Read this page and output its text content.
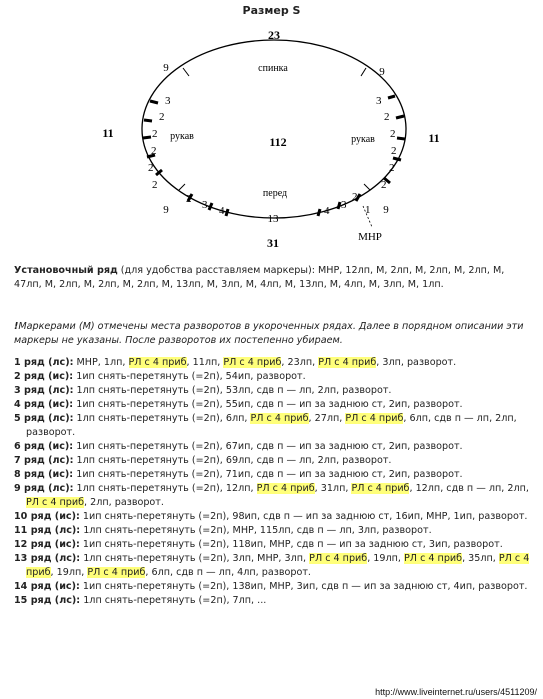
Размер S
23
11	11
31
112
спинка
перед
рукав	рукав
13
9	9
9	9
3
2
2
2
2
2
3
2
2
2
2
2
2 3 4	4 3
2
1
МНР

Установочный ряд (для удобства расставляем маркеры): МНР, 12лп, М, 2лп, М, 2лп, М, 2лп, М, 47лп, М, 2лп, М, 2лп, М, 2лп, М, 13лп, М, 3лп, М, 4лп, М, 13лп, М, 4лп, М, 3лп, М, 1лп.

!Маркерами (М) отмечены места разворотов в укороченных рядах. Далее в порядном описании эти маркеры не указаны. После разворотов их постепенно убираем.

1 ряд (лс): МНР, 1лп, РЛ с 4 приб, 11лп, РЛ с 4 приб, 23лп, РЛ с 4 приб, 3лп, разворот.

2 ряд (ис): 1ип снять-перетянуть (=2п), 54ип, разворот.

3 ряд (лс): 1лп снять-перетянуть (=2п), 53лп, сдв п — лп, 2лп, разворот.

4 ряд (ис): 1ип снять-перетянуть (=2п), 55ип, сдв п — ип за заднюю ст, 2ип, разворот.

5 ряд (лс): 1лп снять-перетянуть (=2п), 6лп, РЛ с 4 приб, 27лп, РЛ с 4 приб, 6лп, сдв п — лп, 2лп, разворот.

6 ряд (ис): 1ип снять-перетянуть (=2п), 67ип, сдв п — ип за заднюю ст, 2ип, разворот.

7 ряд (лс): 1лп снять-перетянуть (=2п), 69лп, сдв п — лп, 2лп, разворот.

8 ряд (ис): 1ип снять-перетянуть (=2п), 71ип, сдв п — ип за заднюю ст, 2ип, разворот.

9 ряд (лс): 1лп снять-перетянуть (=2п), 12лп, РЛ с 4 приб, 31лп, РЛ с 4 приб, 12лп, сдв п — лп, 2лп, РЛ с 4 приб, 2лп, разворот.

10 ряд (ис): 1ип снять-перетянуть (=2п), 98ип, сдв п — ип за заднюю ст, 16ип, МНР, 1ип, разворот.

11 ряд (лс): 1лп снять-перетянуть (=2п), МНР, 115лп, сдв п — лп, 3лп, разворот.

12 ряд (ис): 1ип снять-перетянуть (=2п), 118ип, МНР, сдв п — ип за заднюю ст, 3ип, разворот.

13 ряд (лс): 1лп снять-перетянуть (=2п), 3лп, МНР, 3лп, РЛ с 4 приб, 19лп, РЛ с 4 приб, 35лп, РЛ с 4 приб, 19лп, РЛ с 4 приб, 6лп, сдв п — лп, 4лп, разворот.

14 ряд (ис): 1ип снять-перетянуть (=2п), 138ип, МНР, 3ип, сдв п — ип за заднюю ст, 4ип, разворот.

15 ряд (лс): 1лп снять-перетянуть (=2п), 7лп, ...

http://www.liveinternet.ru/users/4511209/
